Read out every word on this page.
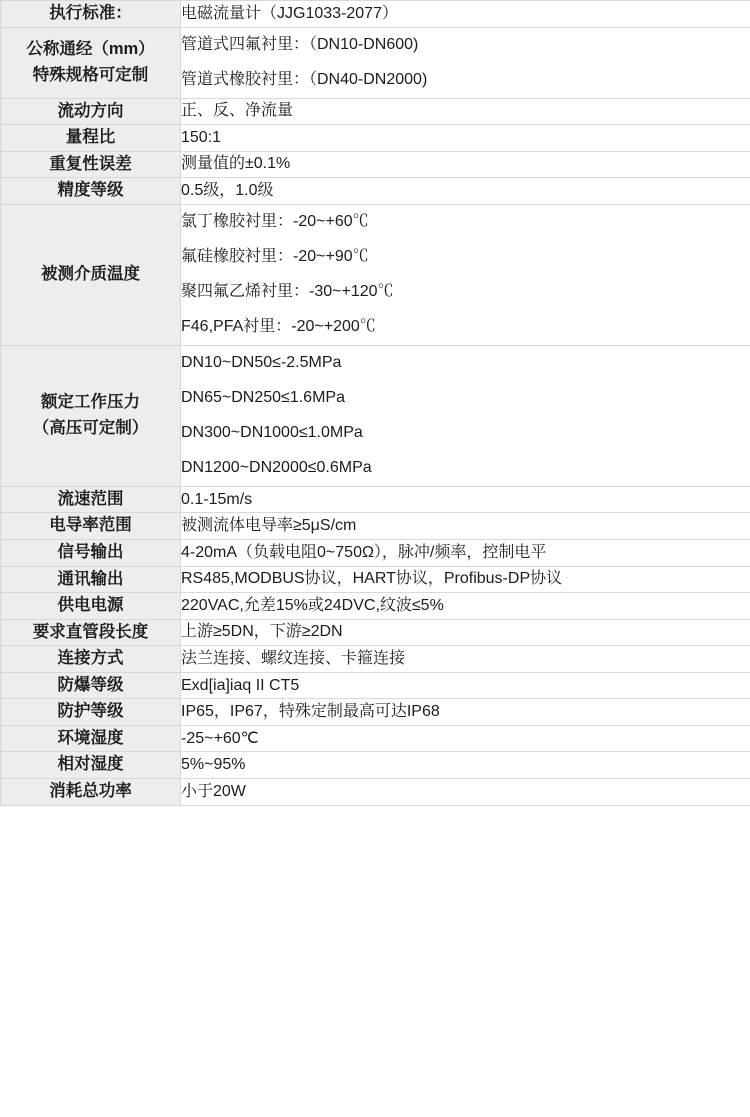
执行标准：	电磁流量计（JJG1033-2077）

公称通经（mm）
特殊规格可定制	管道式四氟衬里：（DN10-DN600)
管道式橡胶衬里：（DN40-DN2000)

流动方向	正、反、净流量

量程比	150:1

重复性误差	测量值的±0.1%

精度等级	0.5级，1.0级

被测介质温度	氯丁橡胶衬里：-20~+60℃
氟硅橡胶衬里：-20~+90℃
聚四氟乙烯衬里：-30~+120℃
F46,PFA衬里：-20~+200℃

额定工作压力
（高压可定制）	DN10~DN50≤-2.5MPa
DN65~DN250≤1.6MPa
DN300~DN1000≤1.0MPa
DN1200~DN2000≤0.6MPa

流速范围	0.1-15m/s

电导率范围	被测流体电导率≥5μS/cm

信号输出	4-20mA（负载电阻0~750Ω），脉冲/频率，控制电平

通讯输出	RS485,MODBUS协议，HART协议，Profibus-DP协议

供电电源	220VAC,允差15%或24DVC,纹波≤5%

要求直管段长度	上游≥5DN，下游≥2DN

连接方式	法兰连接、螺纹连接、卡箍连接

防爆等级	Exd[ia]iaq II CT5

防护等级	IP65，IP67，特殊定制最高可达IP68

环境湿度	-25~+60℃

相对湿度	5%~95%

消耗总功率	小于20W
